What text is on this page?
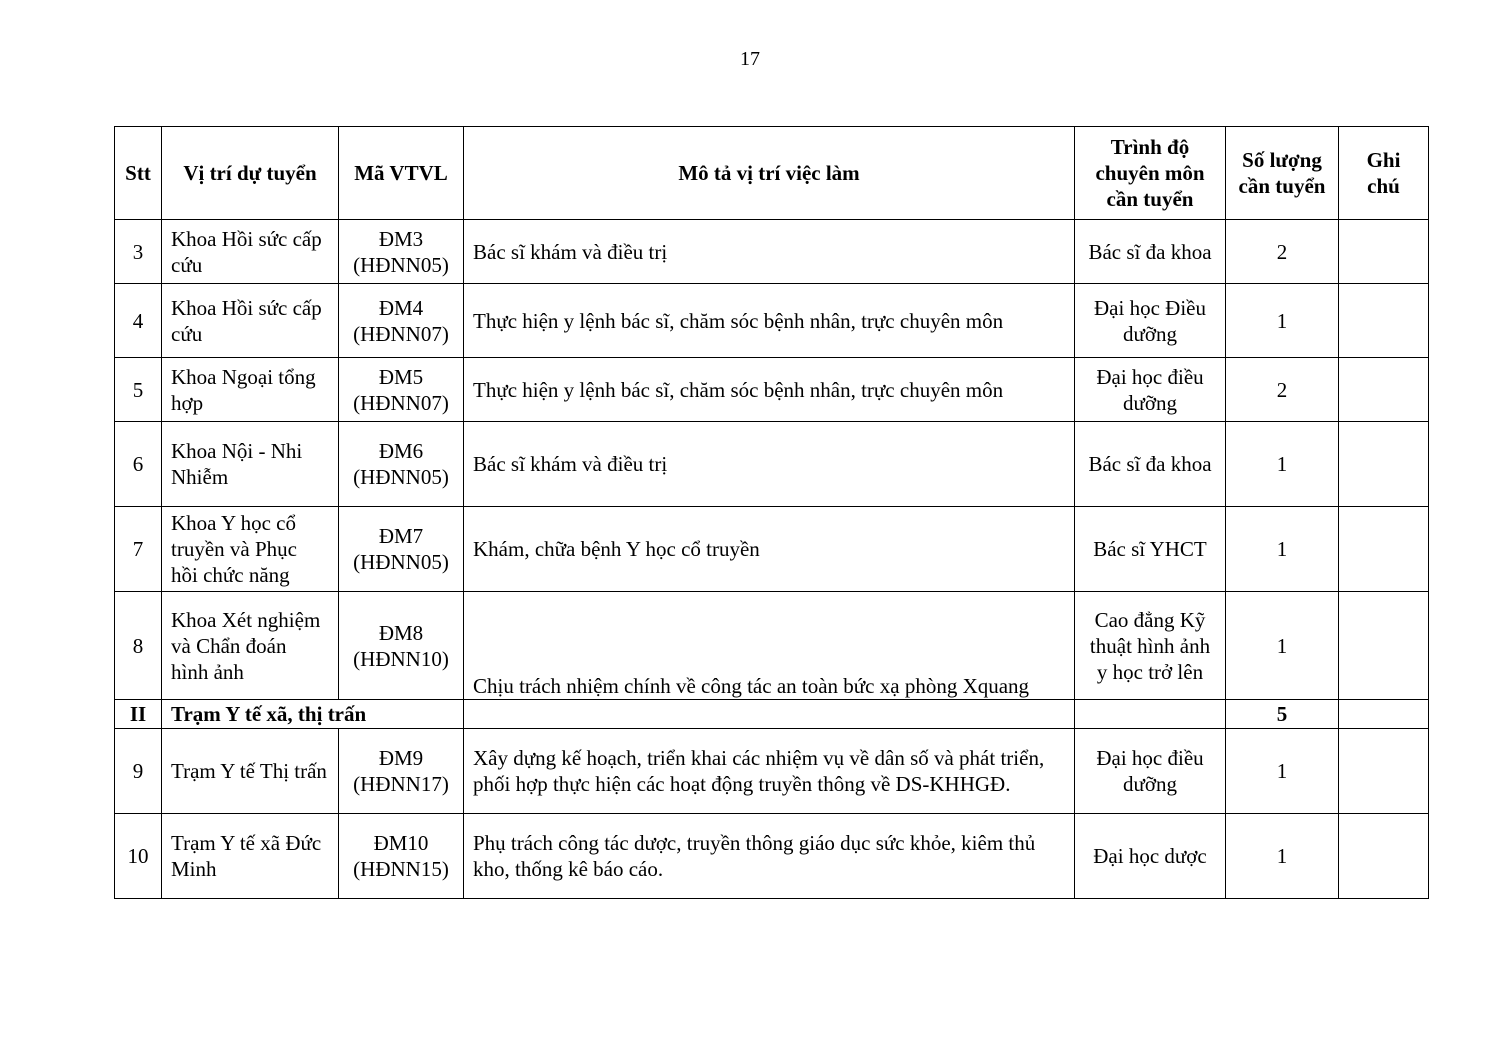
17
Stt	Vị trí dự tuyển	Mã VTVL	Mô tả vị trí việc làm	Trình độ chuyên môn cần tuyển	Số lượng cần tuyển	Ghi chú
3	Khoa Hồi sức cấp cứu	ĐM3 (HĐNN05)	Bác sĩ khám và điều trị	Bác sĩ đa khoa	2	
4	Khoa Hồi sức cấp cứu	ĐM4 (HĐNN07)	Thực hiện y lệnh bác sĩ, chăm sóc bệnh nhân, trực chuyên môn	Đại học Điều dưỡng	1	
5	Khoa Ngoại tổng hợp	ĐM5 (HĐNN07)	Thực hiện y lệnh bác sĩ, chăm sóc bệnh nhân, trực chuyên môn	Đại học điều dưỡng	2	
6	Khoa Nội - Nhi Nhiễm	ĐM6 (HĐNN05)	Bác sĩ khám và điều trị	Bác sĩ đa khoa	1	
7	Khoa Y học cổ truyền và Phục hồi chức năng	ĐM7 (HĐNN05)	Khám, chữa bệnh Y học cổ truyền	Bác sĩ YHCT	1	
8	Khoa Xét nghiệm và Chẩn đoán hình ảnh	ĐM8 (HĐNN10)	Chịu trách nhiệm chính về công tác an toàn bức xạ phòng Xquang	Cao đẳng Kỹ thuật hình ảnh y học trở lên	1	
II	Trạm Y tế xã, thị trấn				5	
9	Trạm Y tế Thị trấn	ĐM9 (HĐNN17)	Xây dựng kế hoạch, triển khai các nhiệm vụ về dân số và phát triển, phối hợp thực hiện các hoạt động truyền thông về DS-KHHGĐ.	Đại học điều dưỡng	1	
10	Trạm Y tế xã Đức Minh	ĐM10 (HĐNN15)	Phụ trách công tác dược, truyền thông giáo dục sức khỏe, kiêm thủ kho, thống kê báo cáo.	Đại học dược	1	
